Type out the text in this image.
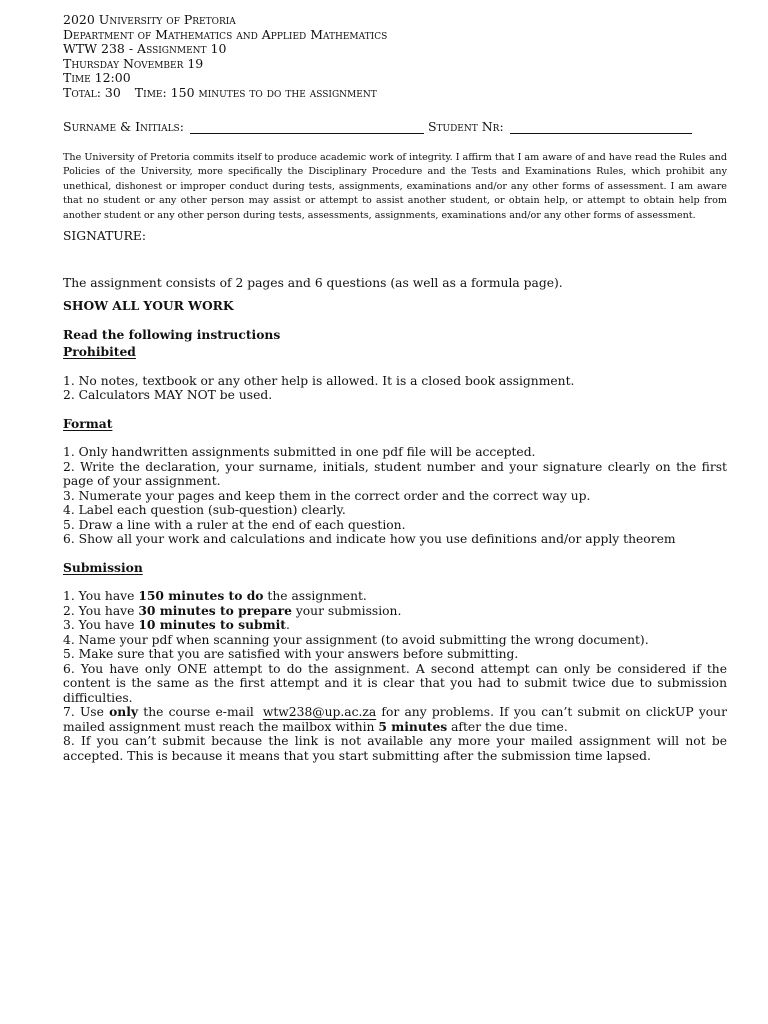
2020 University of Pretoria
Department of Mathematics and Applied Mathematics
WTW 238 - Assignment 10
Thursday November 19
Time 12:00
Total: 30 Time: 150 minutes to do the assignment
Surname & Initials:	Student Nr:
The University of Pretoria commits itself to produce academic work of integrity. I affirm that I am aware of and have read the Rules and Policies of the University, more specifically the Disciplinary Procedure and the Tests and Examinations Rules, which prohibit any unethical, dishonest or improper conduct during tests, assignments, examinations and/or any other forms of assessment. I am aware that no student or any other person may assist or attempt to assist another student, or obtain help, or attempt to obtain help from another student or any other person during tests, assessments, assignments, examinations and/or any other forms of assessment.
SIGNATURE:
The assignment consists of 2 pages and 6 questions (as well as a formula page).
SHOW ALL YOUR WORK
Read the following instructions
Prohibited
1. No notes, textbook or any other help is allowed. It is a closed book assignment.
2. Calculators MAY NOT be used.
Format
1. Only handwritten assignments submitted in one pdf file will be accepted.
2. Write the declaration, your surname, initials, student number and your signature clearly on the first page of your assignment.
3. Numerate your pages and keep them in the correct order and the correct way up.
4. Label each question (sub-question) clearly.
5. Draw a line with a ruler at the end of each question.
6. Show all your work and calculations and indicate how you use definitions and/or apply theorem
Submission
1. You have 150 minutes to do the assignment.
2. You have 30 minutes to prepare your submission.
3. You have 10 minutes to submit.
4. Name your pdf when scanning your assignment (to avoid submitting the wrong document).
5. Make sure that you are satisfied with your answers before submitting.
6. You have only ONE attempt to do the assignment. A second attempt can only be considered if the content is the same as the first attempt and it is clear that you had to submit twice due to submission difficulties.
7. Use only the course e-mail wtw238@up.ac.za for any problems. If you can’t submit on clickUP your mailed assignment must reach the mailbox within 5 minutes after the due time.
8. If you can’t submit because the link is not available any more your mailed assignment will not be accepted. This is because it means that you start submitting after the submission time lapsed.
